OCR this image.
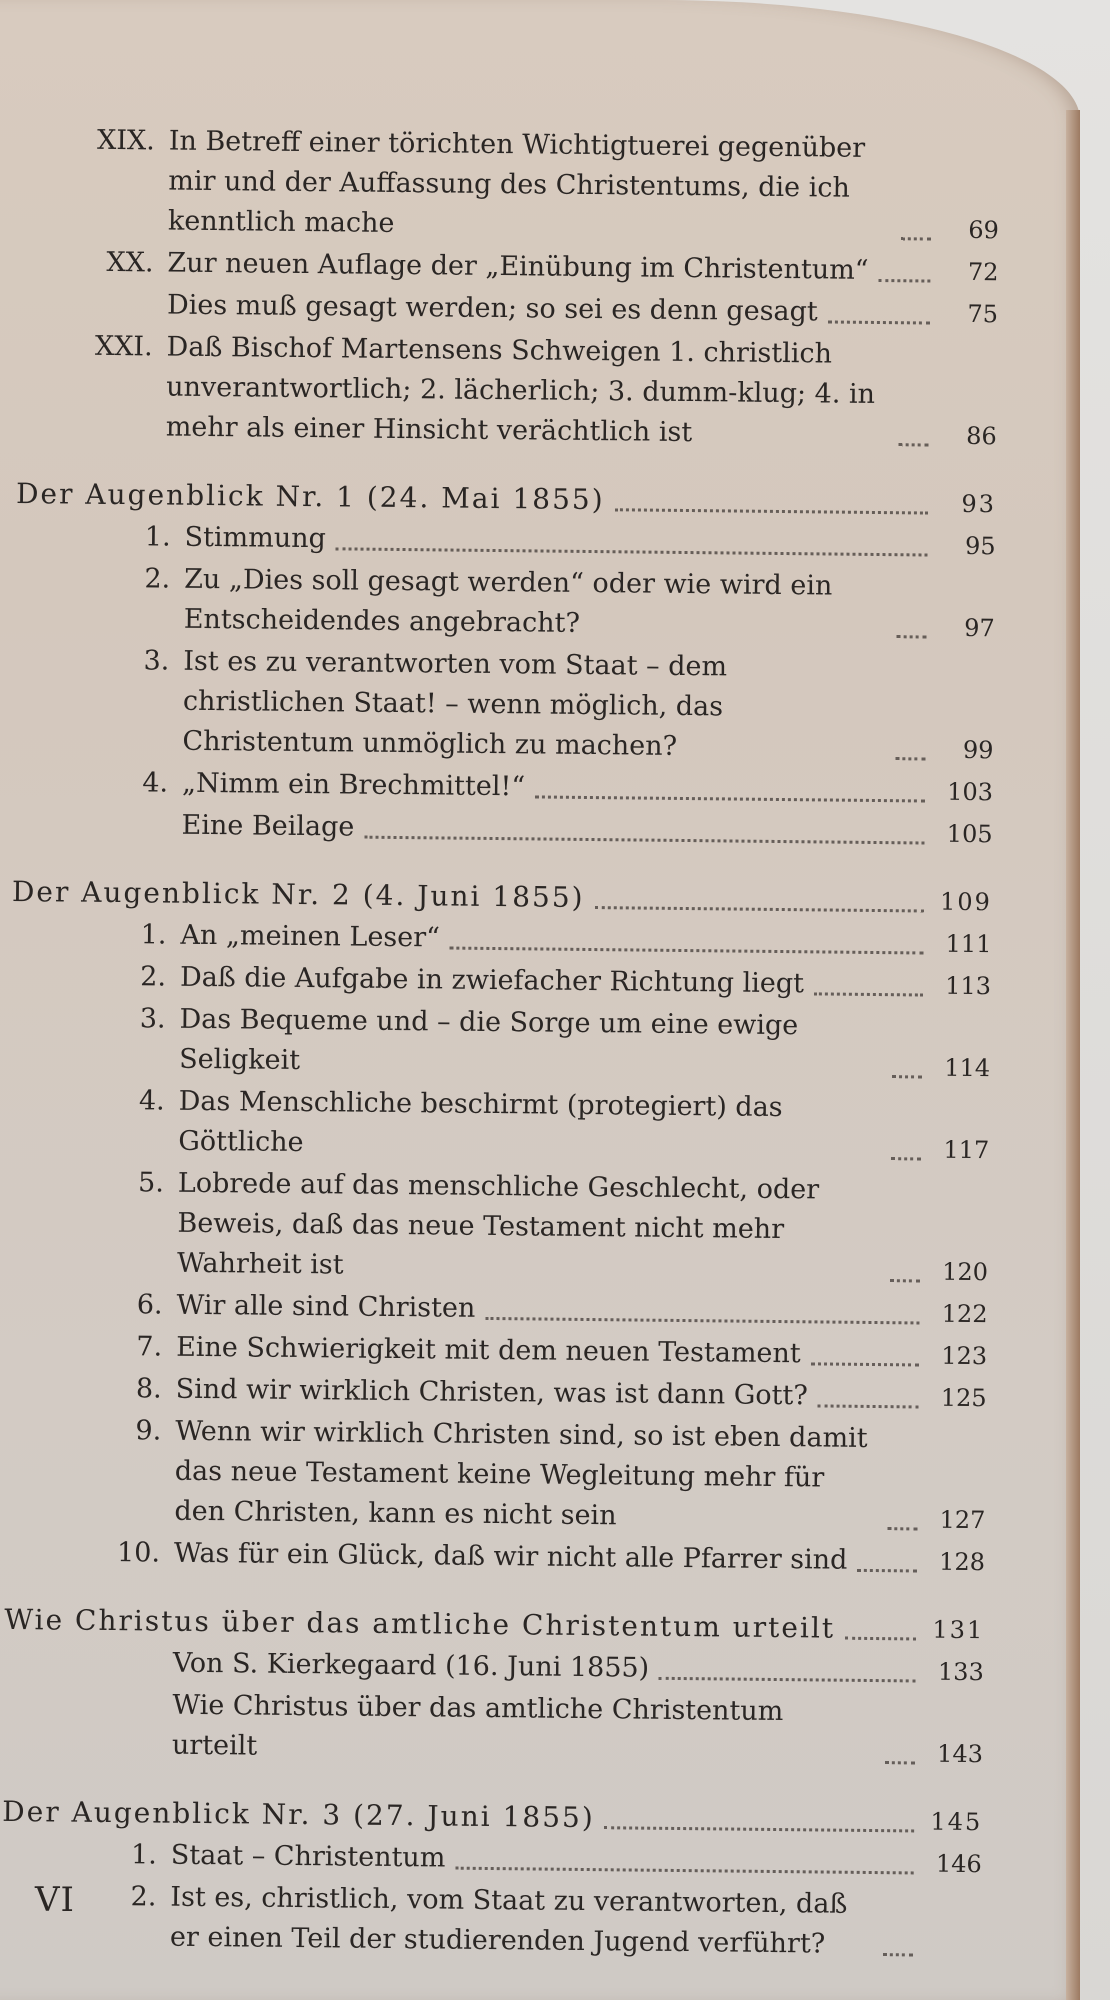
XIX. In Betreff einer törichten Wichtigtuerei gegenüber mir und der Auffassung des Christentums, die ich kenntlich mache	69
XX. Zur neuen Auflage der „Einübung im Christentum“	72
Dies muß gesagt werden; so sei es denn gesagt	75
XXI. Daß Bischof Martensens Schweigen 1. christlich unverantwortlich; 2. lächerlich; 3. dumm-klug; 4. in mehr als einer Hinsicht verächtlich ist	86
Der Augenblick Nr. 1 (24. Mai 1855)	93
1. Stimmung	95
2. Zu „Dies soll gesagt werden“ oder wie wird ein Entscheidendes angebracht?	97
3. Ist es zu verantworten vom Staat – dem christlichen Staat! – wenn möglich, das Christentum unmöglich zu machen?	99
4. „Nimm ein Brechmittel!“	103
Eine Beilage	105
Der Augenblick Nr. 2 (4. Juni 1855)	109
1. An „meinen Leser“	111
2. Daß die Aufgabe in zwiefacher Richtung liegt	113
3. Das Bequeme und – die Sorge um eine ewige Seligkeit	114
4. Das Menschliche beschirmt (protegiert) das Göttliche	117
5. Lobrede auf das menschliche Geschlecht, oder Beweis, daß das neue Testament nicht mehr Wahrheit ist	120
6. Wir alle sind Christen	122
7. Eine Schwierigkeit mit dem neuen Testament	123
8. Sind wir wirklich Christen, was ist dann Gott?	125
9. Wenn wir wirklich Christen sind, so ist eben damit das neue Testament keine Wegleitung mehr für den Christen, kann es nicht sein	127
10. Was für ein Glück, daß wir nicht alle Pfarrer sind	128
Wie Christus über das amtliche Christentum urteilt	131
Von S. Kierkegaard (16. Juni 1855)	133
Wie Christus über das amtliche Christentum urteilt	143
Der Augenblick Nr. 3 (27. Juni 1855)	145
1. Staat – Christentum	146
2. Ist es, christlich, vom Staat zu verantworten, daß er einen Teil der studierenden Jugend verführt?
VI
